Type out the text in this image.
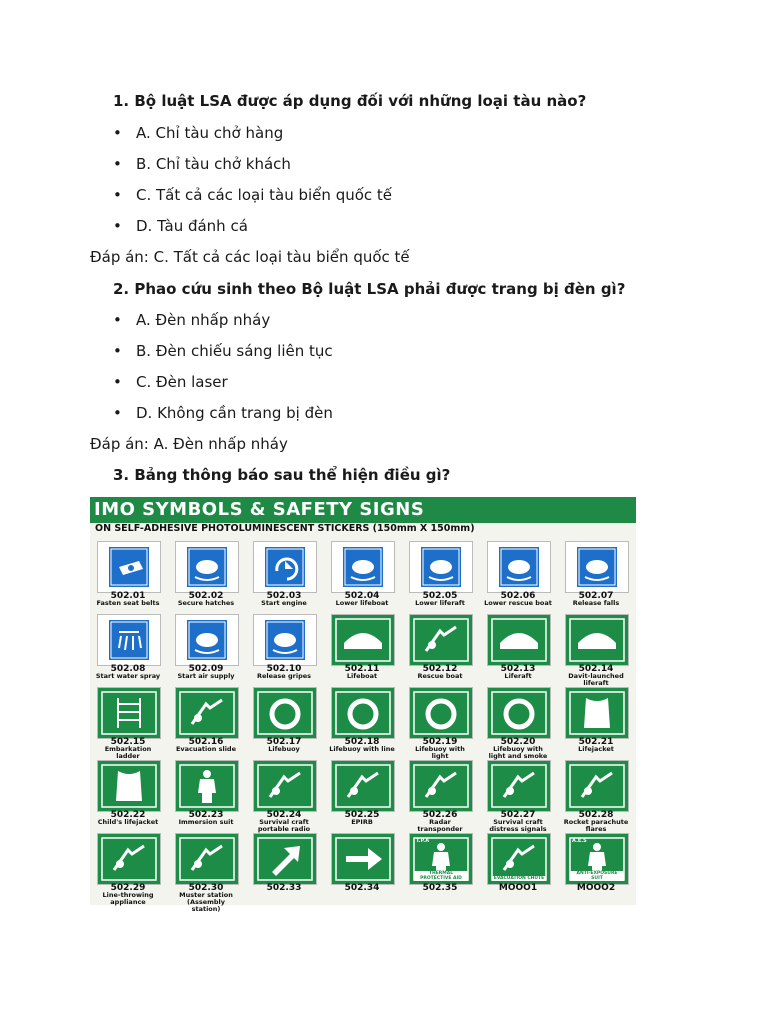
1. Bộ luật LSA được áp dụng đối với những loại tàu nào?
• A. Chỉ tàu chở hàng
• B. Chỉ tàu chở khách
• C. Tất cả các loại tàu biển quốc tế
• D. Tàu đánh cá
Đáp án: C. Tất cả các loại tàu biển quốc tế
2. Phao cứu sinh theo Bộ luật LSA phải được trang bị đèn gì?
• A. Đèn nhấp nháy
• B. Đèn chiếu sáng liên tục
• C. Đèn laser
• D. Không cần trang bị đèn
Đáp án: A. Đèn nhấp nháy
3. Bảng thông báo sau thể hiện điều gì?
IMO SYMBOLS & SAFETY SIGNS
ON SELF-ADHESIVE PHOTOLUMINESCENT STICKERS (150mm X 150mm)
502.01
Fasten seat belts
502.02
Secure hatches
502.03
Start engine
502.04
Lower lifeboat
502.05
Lower liferaft
502.06
Lower rescue boat
502.07
Release falls
502.08
Start water spray
502.09
Start air supply
502.10
Release gripes
502.11
Lifeboat
502.12
Rescue boat
502.13
Liferaft
502.14
Davit-launched liferaft
502.15
Embarkation ladder
502.16
Evacuation slide
502.17
Lifebuoy
502.18
Lifebuoy with line
502.19
Lifebuoy with light
502.20
Lifebuoy with light and smoke
502.21
Lifejacket
502.22
Child's lifejacket
502.23
Immersion suit
502.24
Survival craft portable radio
502.25
EPIRB
502.26
Radar transponder
502.27
Survival craft distress signals
502.28
Rocket parachute flares
502.29
Line-throwing appliance
502.30
Muster station (Assembly station)
502.33	502.34
T.P.A
THERMAL PROTECTIVE AID
502.35
EVACUATION CHUTE
MOOO1
A.E.S
ANTI-EXPOSURE SUIT
MOOO2
